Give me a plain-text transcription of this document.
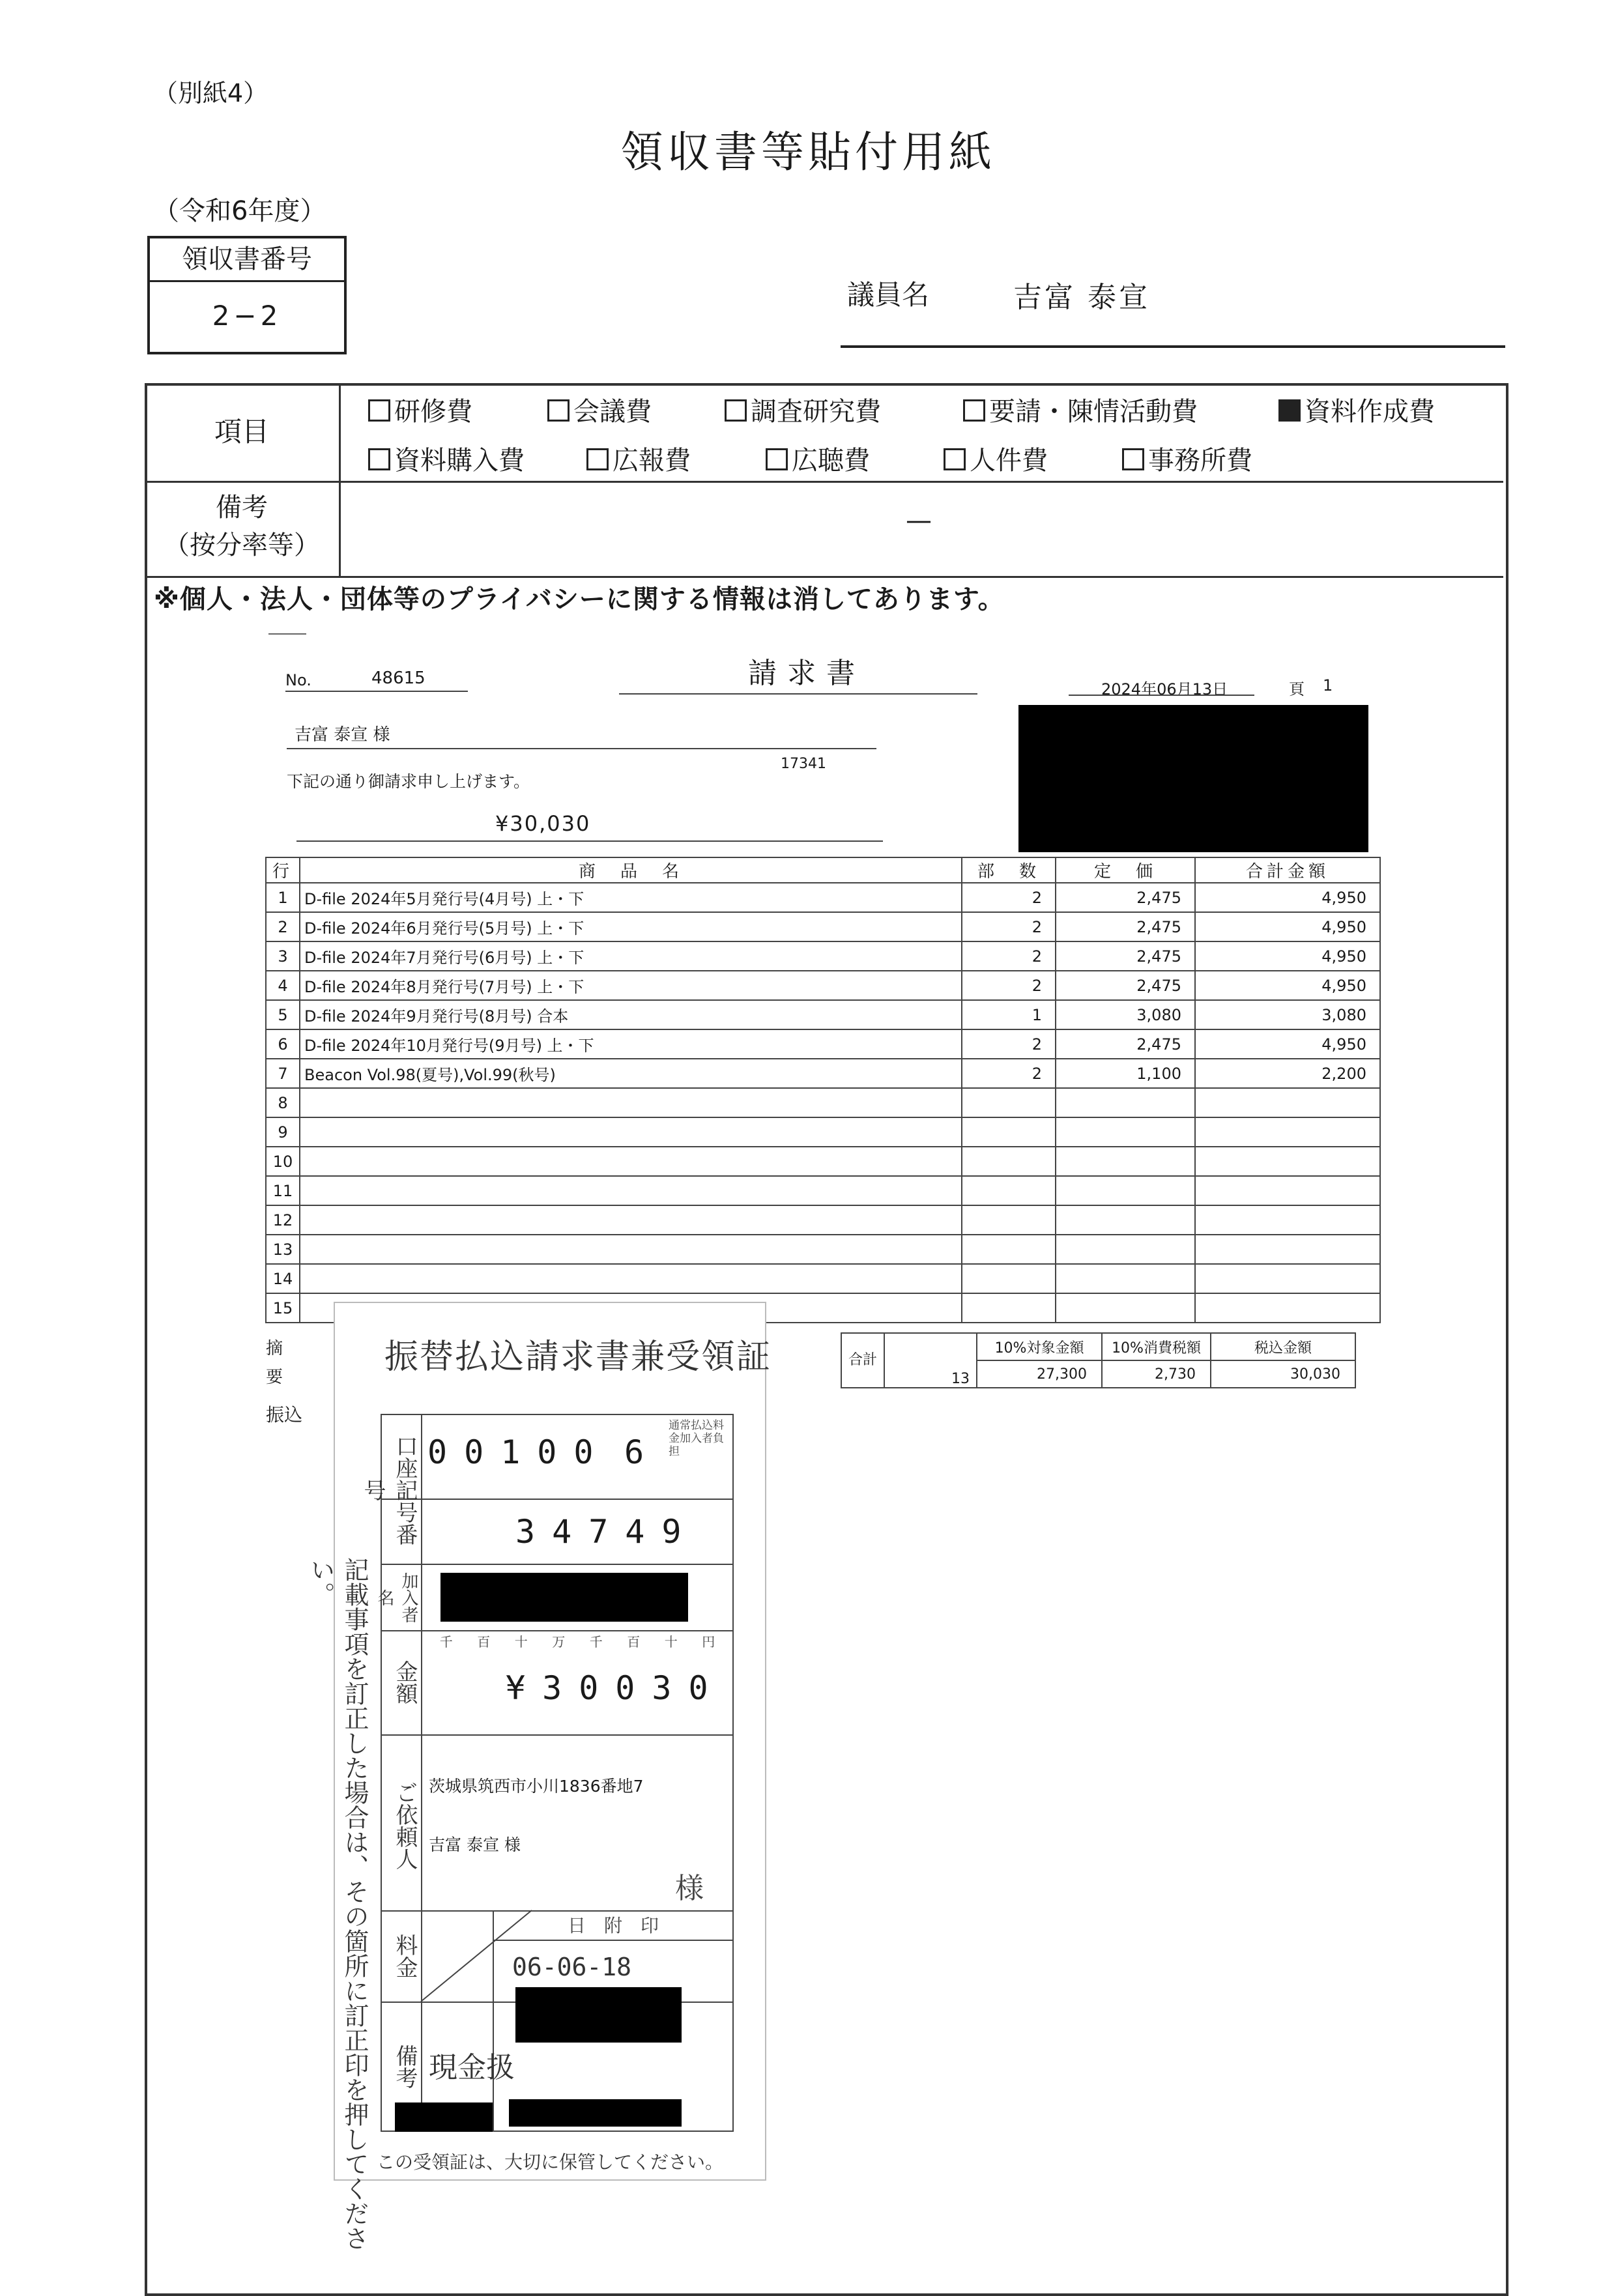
（別紙4）
領収書等貼付用紙
（令和6年度）
領収書番号
2−2
議員名	吉富 泰宣
項目
研修費	会議費	調査研究費	要請・陳情活動費	資料作成費
資料購入費	広報費	広聴費	人件費	事務所費
備考
（按分率等）
—
※個人・法人・団体等のプライバシーに関する情報は消してあります。
No.	48615	請求書	2024年06月13日	頁 1
吉富 泰宣 様
17341
下記の通り御請求申し上げます。
¥30,030
行	商　品　名	部　数	定　価	合計金額
1	D-file 2024年5月発行号(4月号) 上・下	2	2,475	4,950
2	D-file 2024年6月発行号(5月号) 上・下	2	2,475	4,950
3	D-file 2024年7月発行号(6月号) 上・下	2	2,475	4,950
4	D-file 2024年8月発行号(7月号) 上・下	2	2,475	4,950
5	D-file 2024年9月発行号(8月号) 合本	1	3,080	3,080
6	D-file 2024年10月発行号(9月号) 上・下	2	2,475	4,950
7	Beacon Vol.98(夏号),Vol.99(秋号)	2	1,100	2,200
8				
9				
10				
11				
12				
13				
14				
15				
合計	13	10%対象金額	10%消費税額	税込金額
		27,300	2,730	30,030
摘要
振込
振替払込請求書兼受領証
記載事項を訂正した場合は、その箇所に訂正印を押してください。
口座記号番号
00100 6
通常払込料金加入者負担
34749
加入者名
金額
千 百 十 万 千 百 十 円
¥30030
ご依頼人 茨城県筑西市小川1836番地7
吉富 泰宣 様
様
料金
日　附　印
06-06-18
備考 現金扱
この受領証は、大切に保管してください。
